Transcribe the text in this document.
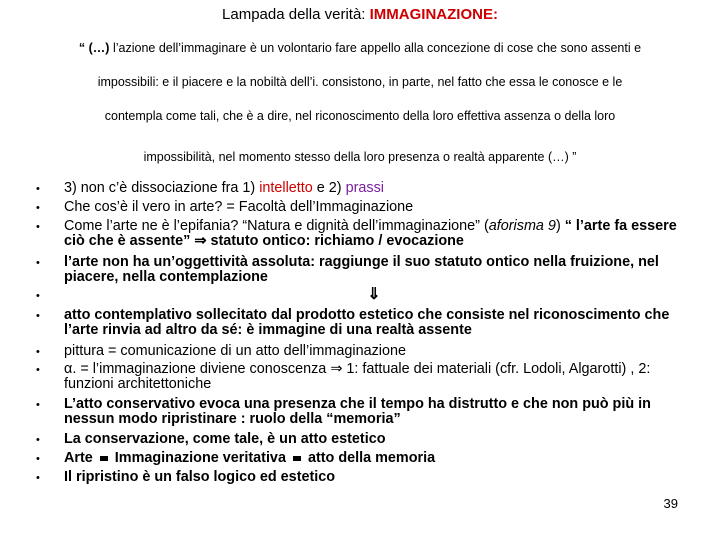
Lampada della verità: IMMAGINAZIONE:
“ (…) l’azione dell’immaginare è un volontario fare appello alla concezione di cose che sono assenti e
impossibili: e il piacere e la nobiltà dell’i. consistono, in parte, nel fatto che essa le conosce e le
contempla come tali, che è a dire, nel riconoscimento della loro effettiva assenza o della loro
impossibilità, nel momento stesso della loro presenza o realtà apparente (…) ”
•	3) non c’è dissociazione fra 1) intelletto e 2) prassi
•	Che cos’è il vero in arte? = Facoltà dell’Immaginazione
•	Come l’arte ne è l’epifania? “Natura e dignità dell’immaginazione” (aforisma 9) “ l’arte fa essere ciò che è assente” ⇒ statuto ontico: richiamo / evocazione
•	l’arte non ha un’oggettività assoluta: raggiunge il suo statuto ontico nella fruizione, nel piacere, nella contemplazione
•	⇓
•	atto contemplativo sollecitato dal prodotto estetico che consiste nel riconoscimento che l’arte rinvia ad altro da sé: è immagine di una realtà assente
•	pittura = comunicazione di un atto dell’immaginazione
•	α. = l’immaginazione diviene conoscenza ⇒ 1: fattuale dei materiali (cfr. Lodoli, Algarotti) , 2: funzioni architettoniche
•	L’atto conservativo evoca una presenza che il tempo ha distrutto e che non può più in nessun modo ripristinare : ruolo della “memoria”
•	La conservazione, come tale, è un atto estetico
•	Arte  Immaginazione veritativa  atto della memoria
•	Il ripristino è un falso logico ed estetico
39
